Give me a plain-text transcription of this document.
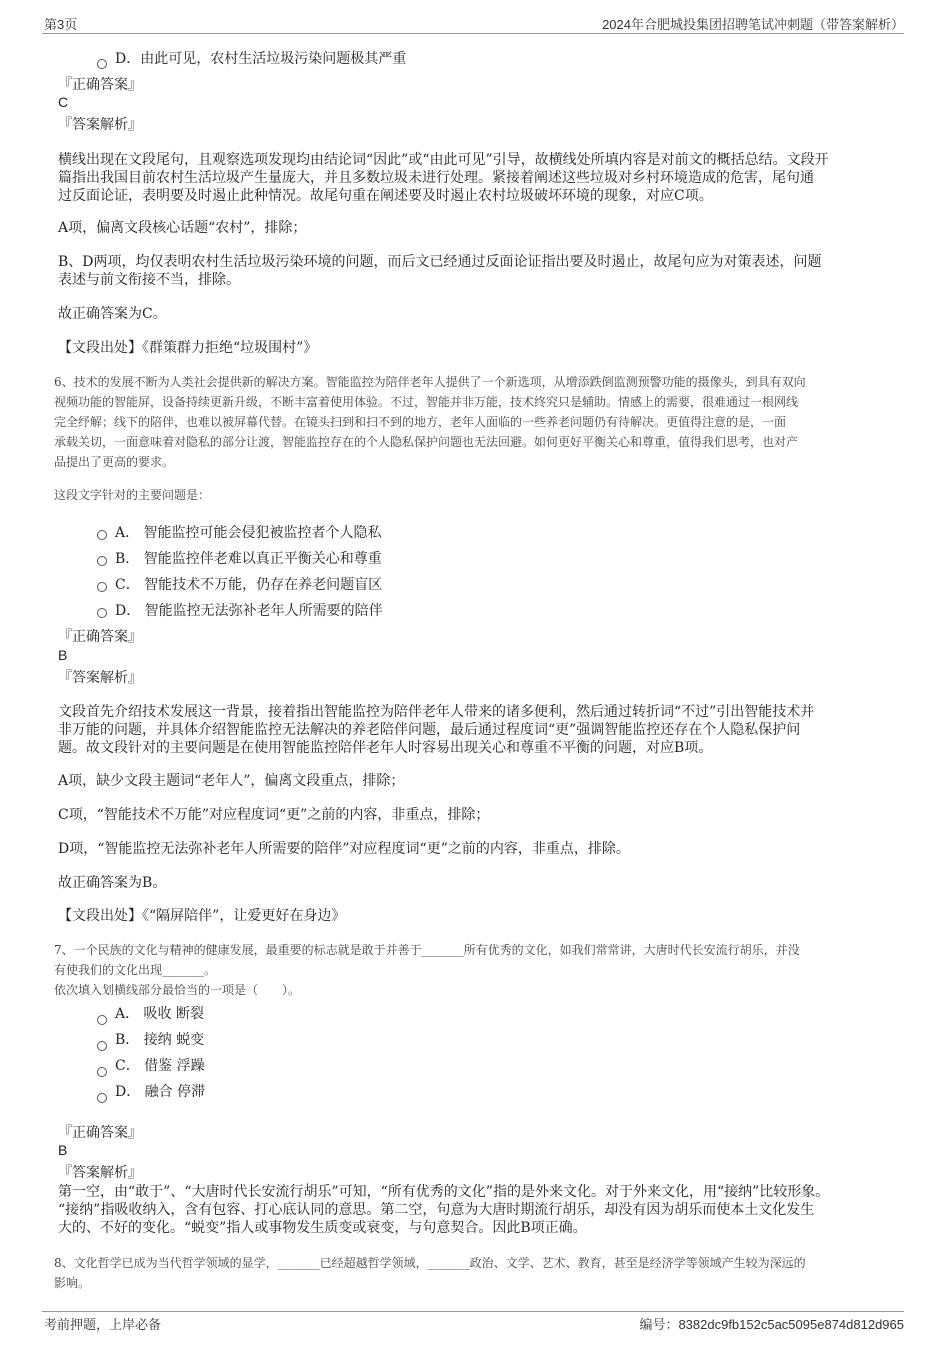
第3页	2024年合肥城投集团招聘笔试冲刺题（带答案解析）
D．由此可见，农村生活垃圾污染问题极其严重
『正确答案』
C
『答案解析』
横线出现在文段尾句，且观察选项发现均由结论词“因此”或“由此可见”引导，故横线处所填内容是对前文的概括总结。文段开
篇指出我国目前农村生活垃圾产生量庞大，并且多数垃圾未进行处理。紧接着阐述这些垃圾对乡村环境造成的危害，尾句通
过反面论证，表明要及时遏止此种情况。故尾句重在阐述要及时遏止农村垃圾破坏环境的现象，对应C项。
A项，偏离文段核心话题“农村”，排除；
B、D两项，均仅表明农村生活垃圾污染环境的问题，而后文已经通过反面论证指出要及时遏止，故尾句应为对策表述，问题
表述与前文衔接不当，排除。
故正确答案为C。
【文段出处】《群策群力拒绝“垃圾围村”》
6、技术的发展不断为人类社会提供新的解决方案。智能监控为陪伴老年人提供了一个新选项，从增添跌倒监测预警功能的摄像头，到具有双向
视频功能的智能屏，设备持续更新升级，不断丰富着使用体验。不过，智能并非万能，技术终究只是辅助。情感上的需要，很难通过一根网线
完全纾解；线下的陪伴，也难以被屏幕代替。在镜头扫到和扫不到的地方，老年人面临的一些养老问题仍有待解决。更值得注意的是，一面
承载关切，一面意味着对隐私的部分让渡，智能监控存在的个人隐私保护问题也无法回避。如何更好平衡关心和尊重，值得我们思考，也对产
品提出了更高的要求。
这段文字针对的主要问题是：
A． 智能监控可能会侵犯被监控者个人隐私
B． 智能监控伴老难以真正平衡关心和尊重
C． 智能技术不万能，仍存在养老问题盲区
D． 智能监控无法弥补老年人所需要的陪伴
『正确答案』
B
『答案解析』
文段首先介绍技术发展这一背景，接着指出智能监控为陪伴老年人带来的诸多便利，然后通过转折词“不过”引出智能技术并
非万能的问题，并具体介绍智能监控无法解决的养老陪伴问题，最后通过程度词“更”强调智能监控还存在个人隐私保护问
题。故文段针对的主要问题是在使用智能监控陪伴老年人时容易出现关心和尊重不平衡的问题，对应B项。
A项，缺少文段主题词“老年人”，偏离文段重点，排除；
C项，“智能技术不万能”对应程度词“更”之前的内容，非重点，排除；
D项，“智能监控无法弥补老年人所需要的陪伴”对应程度词“更”之前的内容，非重点，排除。
故正确答案为B。
【文段出处】《“隔屏陪伴”，让爱更好在身边》
7、一个民族的文化与精神的健康发展，最重要的标志就是敢于并善于_______所有优秀的文化，如我们常常讲，大唐时代长安流行胡乐，并没
有使我们的文化出现_______。
依次填入划横线部分最恰当的一项是（　　）。
A． 吸收 断裂
B． 接纳 蜕变
C． 借鉴 浮躁
D． 融合 停滞
『正确答案』
B
『答案解析』
第一空，由“敢于”、“大唐时代长安流行胡乐”可知，“所有优秀的文化”指的是外来文化。对于外来文化，用“接纳”比较形象。
“接纳”指吸收纳入，含有包容、打心底认同的意思。第二空，句意为大唐时期流行胡乐，却没有因为胡乐而使本土文化发生
大的、不好的变化。“蜕变”指人或事物发生质变或衰变，与句意契合。因此B项正确。
8、文化哲学已成为当代哲学领域的显学，_______已经超越哲学领域，_______政治、文学、艺术、教育，甚至是经济学等领域产生较为深远的
影响。
考前押题，上岸必备	编号：8382dc9fb152c5ac5095e874d812d965
